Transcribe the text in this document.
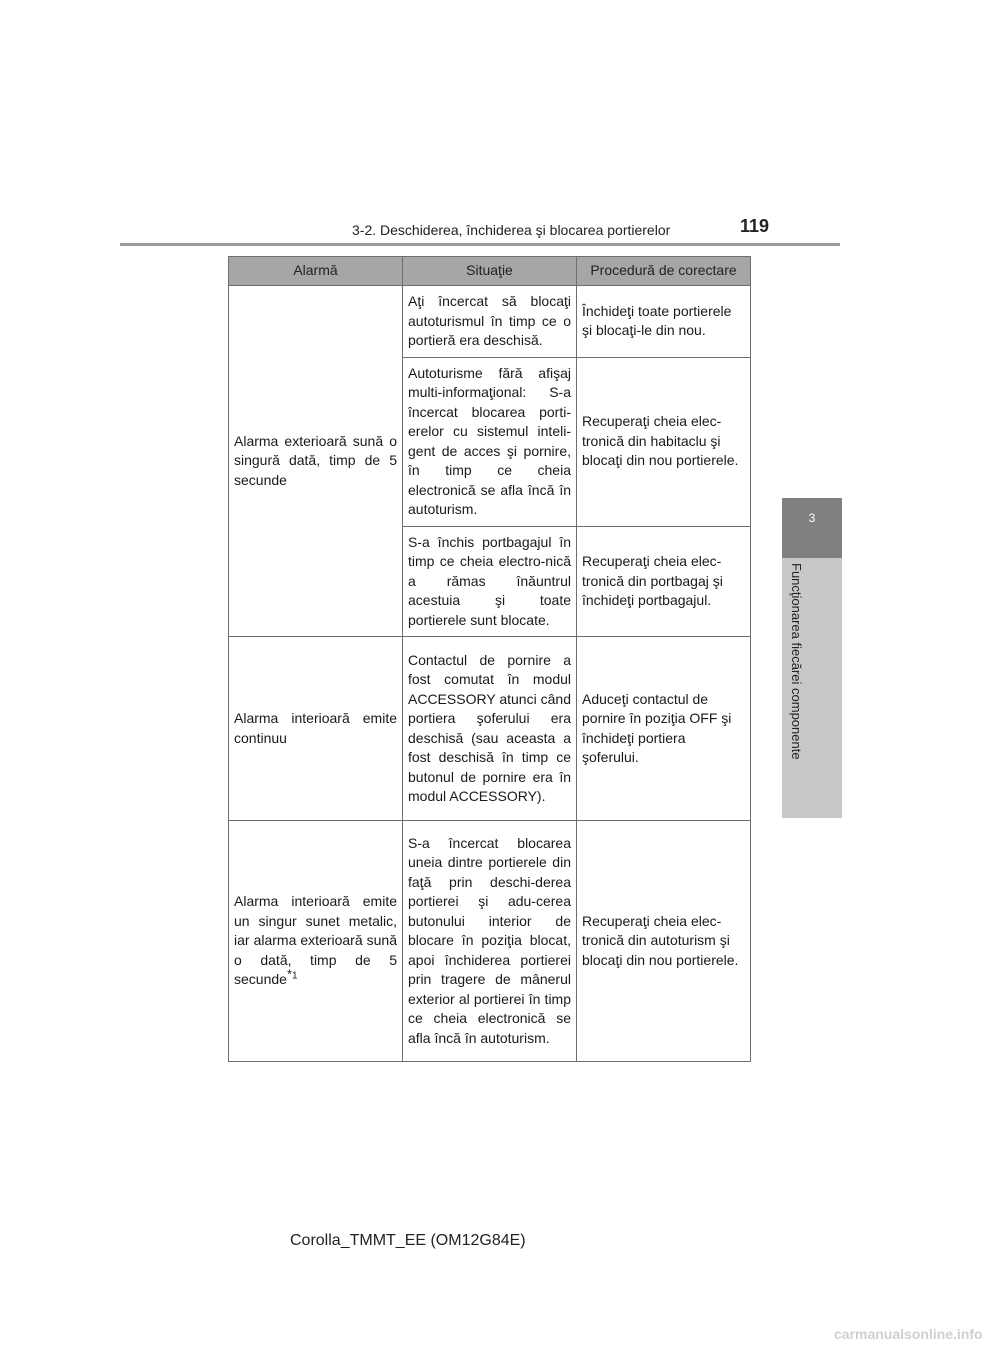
3-2. Deschiderea, închiderea şi blocarea portierelor	119
3
Funcţionarea fiecărei componente
Alarmă	Situaţie	Procedură de corectare
Alarma exterioară sună o singură dată, timp de 5 secunde	Aţi încercat să blocaţi autoturismul în timp ce o portieră era deschisă.	Închideţi toate portierele şi blocaţi-le din nou.
	Autoturisme fără afişaj multi-informaţional: S-a încercat blocarea porti-erelor cu sistemul inteli-gent de acces şi pornire, în timp ce cheia electronică se afla încă în autoturism.	Recuperaţi cheia elec-tronică din habitaclu şi blocaţi din nou portierele.
	S-a închis portbagajul în timp ce cheia electro-nică a rămas înăuntrul acestuia şi toate portierele sunt blocate.	Recuperaţi cheia elec-tronică din portbagaj şi închideţi portbagajul.
Alarma interioară emite continuu	Contactul de pornire a fost comutat în modul ACCESSORY atunci când portiera şoferului era deschisă (sau aceasta a fost deschisă în timp ce butonul de pornire era în modul ACCESSORY).	Aduceţi contactul de pornire în poziţia OFF şi închideţi portiera şoferului.
Alarma interioară emite un singur sunet metalic, iar alarma exterioară sună o dată, timp de 5 secunde*$^1$	S-a încercat blocarea uneia dintre portierele din faţă prin deschi-derea portierei şi adu-cerea butonului interior de blocare în poziţia blocat, apoi închiderea portierei prin tragere de mânerul exterior al portierei în timp ce cheia electronică se afla încă în autoturism.	Recuperaţi cheia elec-tronică din autoturism şi blocaţi din nou portierele.
Corolla_TMMT_EE (OM12G84E)
carmanualsonline.info
